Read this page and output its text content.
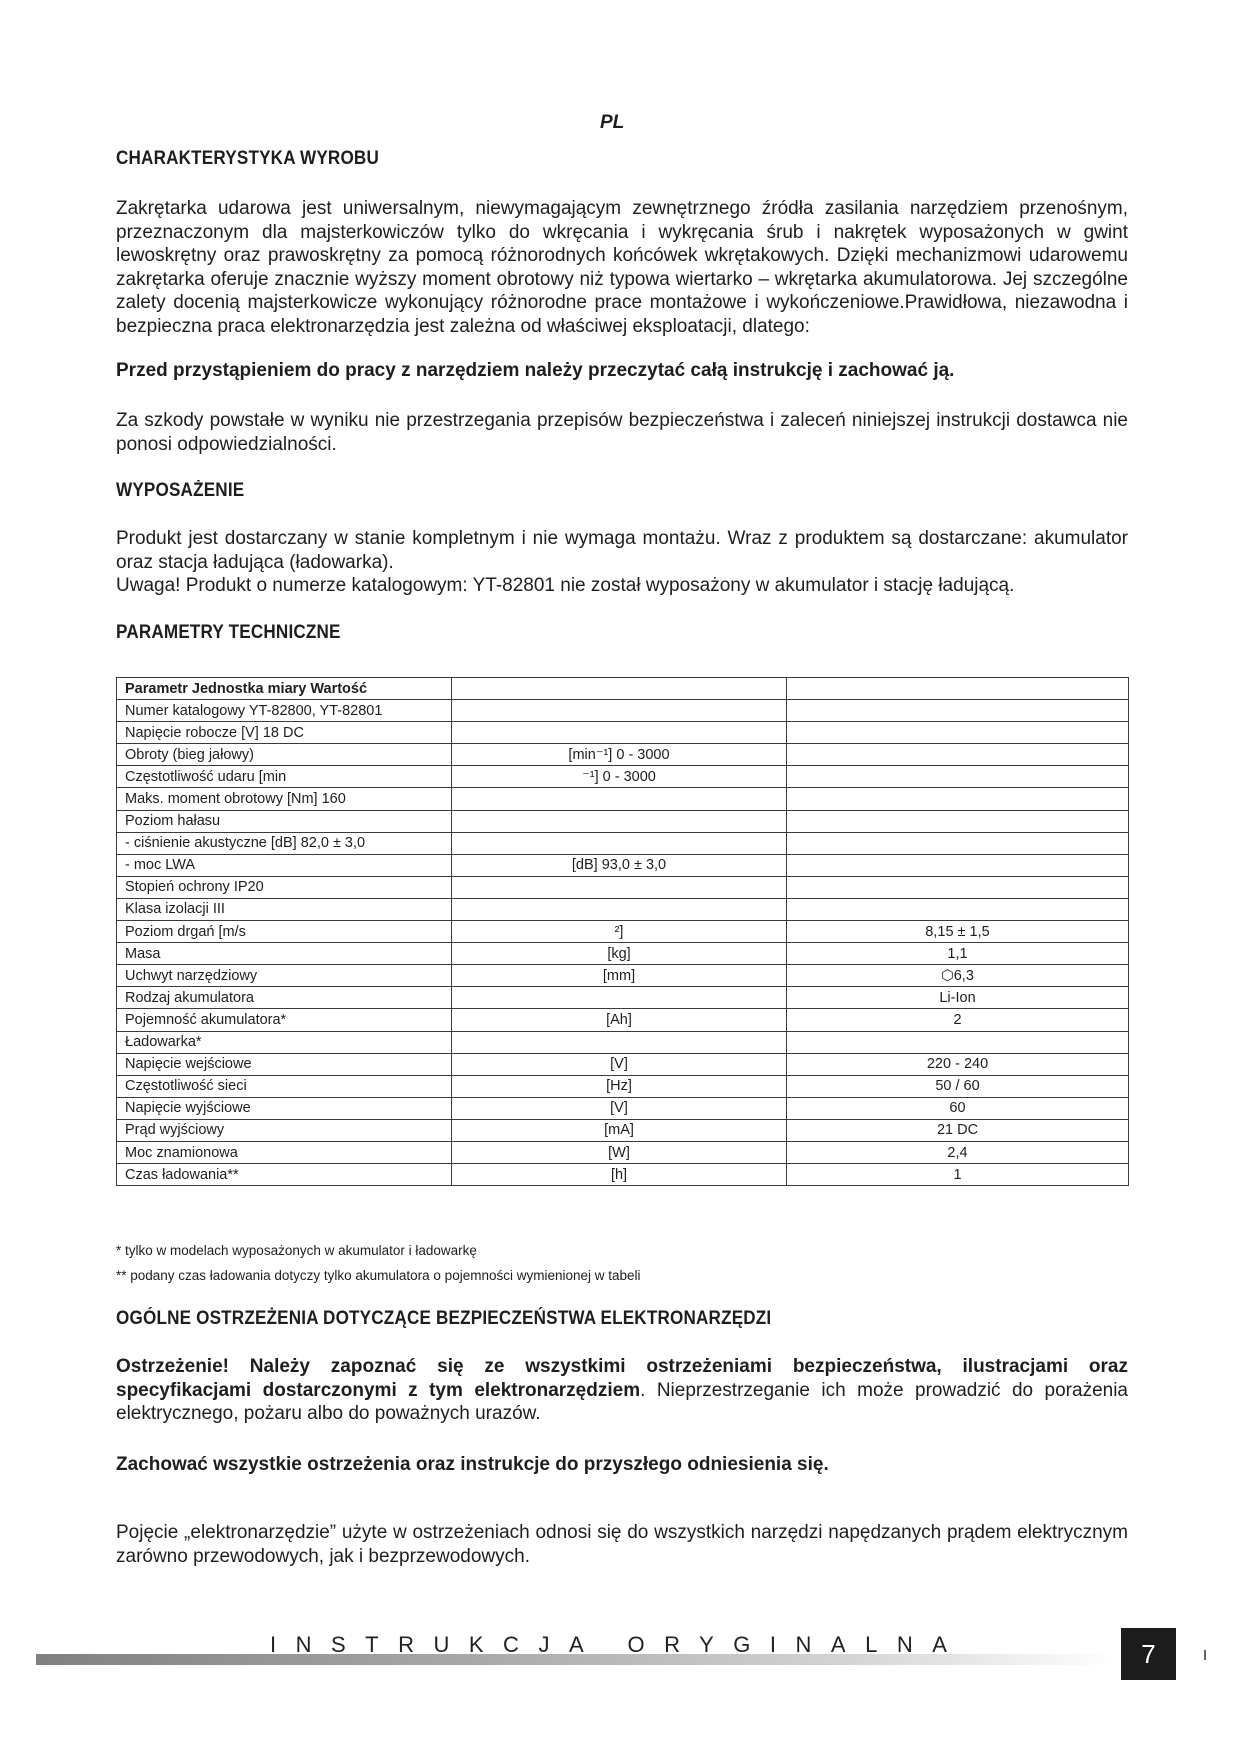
PL
CHARAKTERYSTYKA WYROBU
Zakrętarka udarowa jest uniwersalnym, niewymagającym zewnętrznego źródła zasilania narzędziem przenośnym, przeznaczonym dla majsterkowiczów tylko do wkręcania i wykręcania śrub i nakrętek wyposażonych w gwint lewoskrętny oraz prawoskrętny za pomocą różnorodnych końcówek wkrętakowych. Dzięki mechanizmowi udarowemu zakrętarka oferuje znacznie wyższy moment obrotowy niż typowa wiertarko – wkrętarka akumulatorowa. Jej szczególne zalety docenią majsterkowicze wykonujący różnorodne prace montażowe i wykończeniowe.Prawidłowa, niezawodna i bezpieczna praca elektronarzędzia jest zależna od właściwej eksploatacji, dlatego:
Przed przystąpieniem do pracy z narzędziem należy przeczytać całą instrukcję i zachować ją.
Za szkody powstałe w wyniku nie przestrzegania przepisów bezpieczeństwa i zaleceń niniejszej instrukcji dostawca nie ponosi odpowiedzialności.
WYPOSAŻENIE
Produkt jest dostarczany w stanie kompletnym i nie wymaga montażu. Wraz z produktem są dostarczane: akumulator oraz stacja ładująca (ładowarka).
Uwaga! Produkt o numerze katalogowym: YT-82801 nie został wyposażony w akumulator i stację ładującą.
PARAMETRY TECHNICZNE
Parametr Jednostka miary Wartość		
Numer katalogowy YT-82800, YT-82801		
Napięcie robocze [V] 18 DC		
Obroty (bieg jałowy)	[min⁻¹] 0 - 3000	
Częstotliwość udaru [min	⁻¹] 0 - 3000	
Maks. moment obrotowy [Nm] 160		
Poziom hałasu		
- ciśnienie akustyczne [dB] 82,0 ± 3,0		
- moc LWA	[dB] 93,0 ± 3,0	
Stopień ochrony IP20		
Klasa izolacji III		
Poziom drgań [m/s	²]	8,15 ± 1,5
Masa	[kg]	1,1
Uchwyt narzędziowy	[mm]	⬡6,3
Rodzaj akumulatora		Li-Ion
Pojemność akumulatora*	[Ah]	2
Ładowarka*		
Napięcie wejściowe	[V]	220 - 240
Częstotliwość sieci	[Hz]	50 / 60
Napięcie wyjściowe	[V]	60
Prąd wyjściowy	[mA]	21 DC
Moc znamionowa	[W]	2,4
Czas ładowania**	[h]	1
* tylko w modelach wyposażonych w akumulator i ładowarkę
** podany czas ładowania dotyczy tylko akumulatora o pojemności wymienionej w tabeli
OGÓLNE OSTRZEŻENIA DOTYCZĄCE BEZPIECZEŃSTWA ELEKTRONARZĘDZI
Ostrzeżenie! Należy zapoznać się ze wszystkimi ostrzeżeniami bezpieczeństwa, ilustracjami oraz specyfikacjami dostarczonymi z tym elektronarzędziem. Nieprzestrzeganie ich może prowadzić do porażenia elektrycznego, pożaru albo do poważnych urazów.
Zachować wszystkie ostrzeżenia oraz instrukcje do przyszłego odniesienia się.
Pojęcie „elektronarzędzie” użyte w ostrzeżeniach odnosi się do wszystkich narzędzi napędzanych prądem elektrycznym zarówno przewodowych, jak i bezprzewodowych.
INSTRUKCJA ORYGINALNA	7
